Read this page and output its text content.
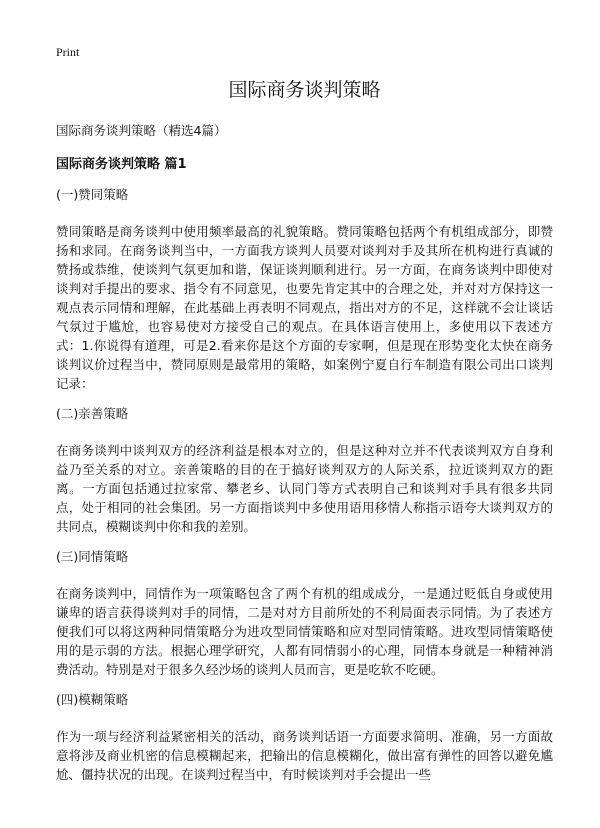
Print
国际商务谈判策略
国际商务谈判策略（精选4篇）
国际商务谈判策略 篇1
(一)赞同策略

赞同策略是商务谈判中使用频率最高的礼貌策略。赞同策略包括两个有机组成部分，即赞扬和求同。在商务谈判当中，一方面我方谈判人员要对谈判对手及其所在机构进行真诚的赞扬或恭维，使谈判气氛更加和谐，保证谈判顺利进行。另一方面，在商务谈判中即使对谈判对手提出的要求、指令有不同意见，也要先肯定其中的合理之处，并对对方保持这一观点表示同情和理解，在此基础上再表明不同观点，指出对方的不足，这样就不会让谈话气氛过于尴尬，也容易使对方接受自己的观点。在具体语言使用上，多使用以下表述方式：1.你说得有道理，可是2.看来你是这个方面的专家啊，但是现在形势变化太快在商务谈判议价过程当中，赞同原则是最常用的策略，如案例宁夏自行车制造有限公司出口谈判记录：

(二)亲善策略

在商务谈判中谈判双方的经济利益是根本对立的，但是这种对立并不代表谈判双方自身利益乃至关系的对立。亲善策略的目的在于搞好谈判双方的人际关系，拉近谈判双方的距离。一方面包括通过拉家常、攀老乡、认同门等方式表明自己和谈判对手具有很多共同点，处于相同的社会集团。另一方面指谈判中多使用语用移情人称指示语夸大谈判双方的共同点，模糊谈判中你和我的差别。

(三)同情策略

在商务谈判中，同情作为一项策略包含了两个有机的组成成分，一是通过贬低自身或使用谦卑的语言获得谈判对手的同情，二是对对方目前所处的不利局面表示同情。为了表述方便我们可以将这两种同情策略分为进攻型同情策略和应对型同情策略。进攻型同情策略使用的是示弱的方法。根据心理学研究，人都有同情弱小的心理，同情本身就是一种精神消费活动。特别是对于很多久经沙场的谈判人员而言，更是吃软不吃硬。

(四)模糊策略

作为一项与经济利益紧密相关的活动，商务谈判话语一方面要求简明、准确，另一方面故意将涉及商业机密的信息模糊起来，把输出的信息模糊化，做出富有弹性的回答以避免尴尬、僵持状况的出现。在谈判过程当中，有时候谈判对手会提出一些
